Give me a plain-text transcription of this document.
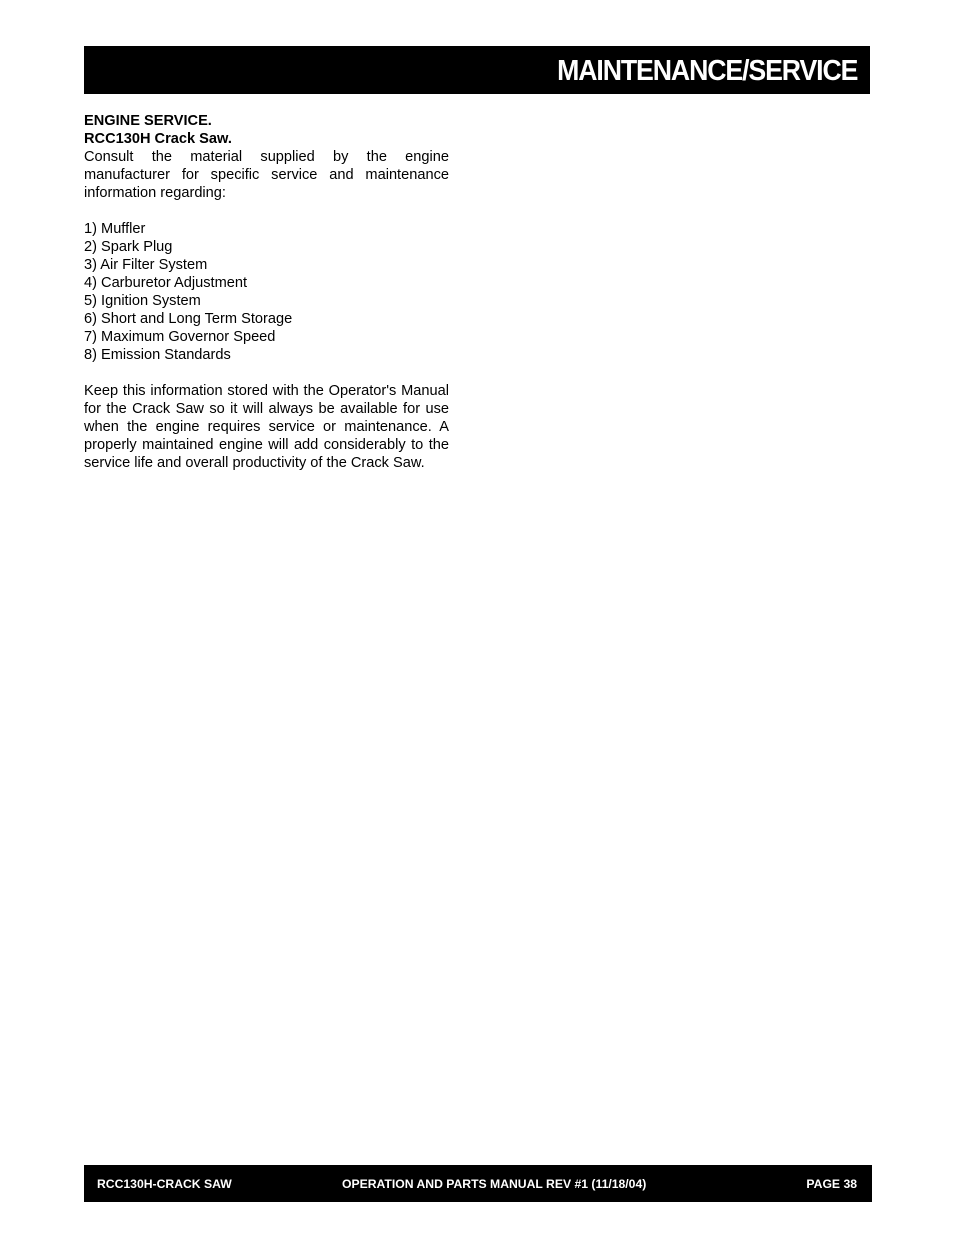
MAINTENANCE/SERVICE

ENGINE SERVICE.

RCC130H Crack Saw.

Consult the material supplied by the engine manufacturer for specific service and maintenance information regarding:

1) Muffler
2) Spark Plug
3) Air Filter System
4) Carburetor Adjustment
5) Ignition System
6) Short and Long Term Storage
7) Maximum Governor Speed
8) Emission Standards

Keep this information stored with the Operator's Manual for the Crack Saw so it will always be available for use when the engine requires service or maintenance. A properly maintained engine will add considerably to the service life and overall productivity of the Crack Saw.

RCC130H-CRACK SAW	OPERATION AND PARTS MANUAL REV #1 (11/18/04)	PAGE 38
